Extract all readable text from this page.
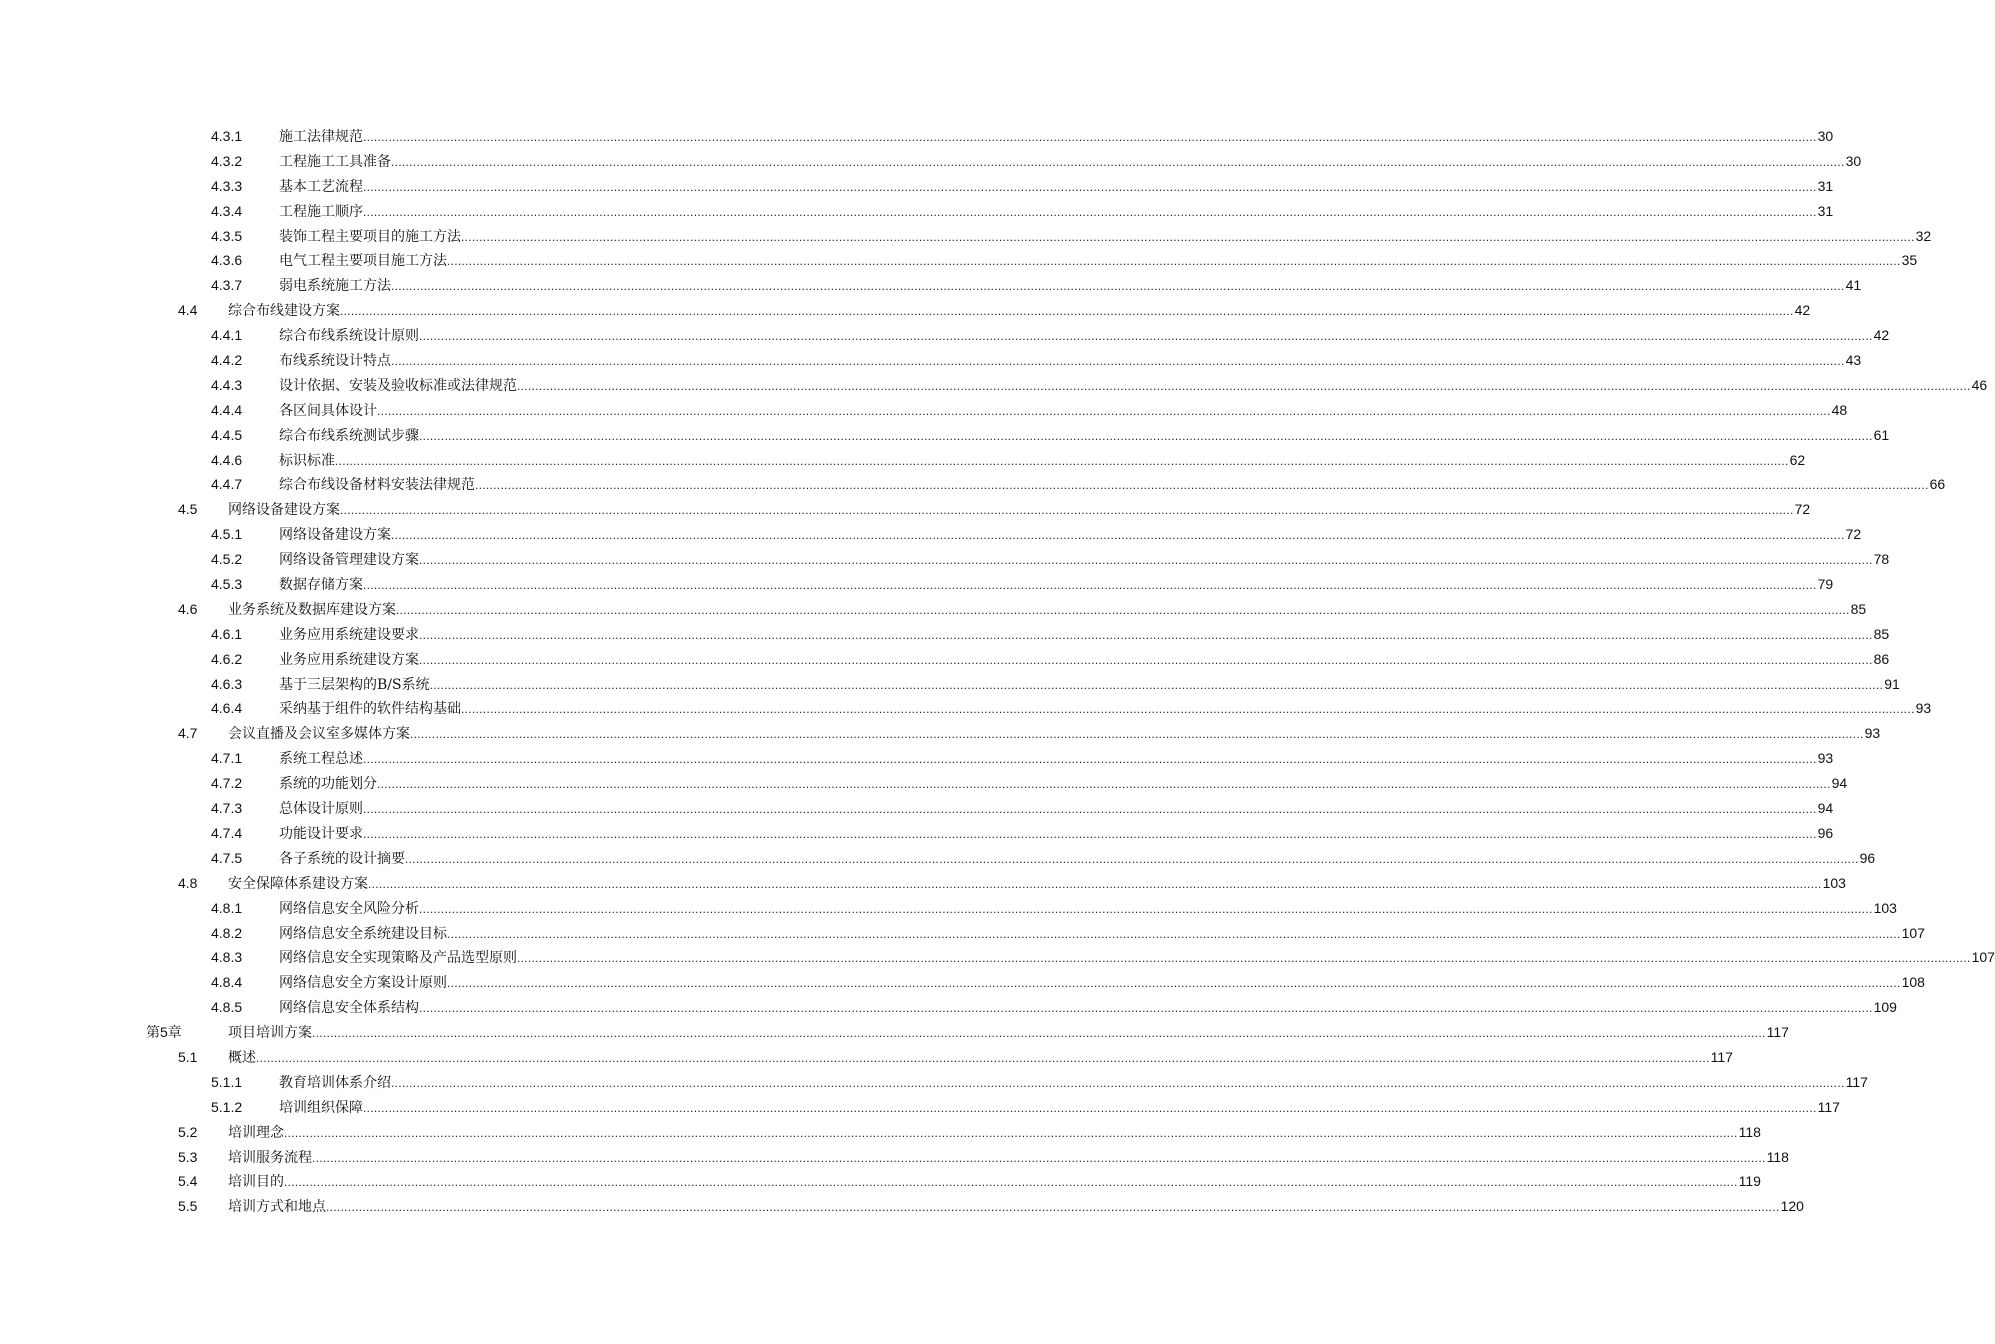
4.3.1	施工法律规范 ................................................................................................................................................................................................................................................................................................................................................................................................................ 30
4.3.2	工程施工工具准备 ................................................................................................................................................................................................................................................................................................................................................................................................................ 30
4.3.3	基本工艺流程 ................................................................................................................................................................................................................................................................................................................................................................................................................ 31
4.3.4	工程施工顺序 ................................................................................................................................................................................................................................................................................................................................................................................................................ 31
4.3.5	装饰工程主要项目的施工方法 ................................................................................................................................................................................................................................................................................................................................................................................................................ 32
4.3.6	电气工程主要项目施工方法 ................................................................................................................................................................................................................................................................................................................................................................................................................ 35
4.3.7	弱电系统施工方法 ................................................................................................................................................................................................................................................................................................................................................................................................................ 41
4.4 综合布线建设方案 ................................................................................................................................................................................................................................................................................................................................................................................................................ 42
4.4.1	综合布线系统设计原则 ................................................................................................................................................................................................................................................................................................................................................................................................................ 42
4.4.2	布线系统设计特点 ................................................................................................................................................................................................................................................................................................................................................................................................................ 43
4.4.3	设计依据、安装及验收标准或法律规范 ................................................................................................................................................................................................................................................................................................................................................................................................................ 46
4.4.4	各区间具体设计 ................................................................................................................................................................................................................................................................................................................................................................................................................ 48
4.4.5	综合布线系统测试步骤 ................................................................................................................................................................................................................................................................................................................................................................................................................ 61
4.4.6	标识标准 ................................................................................................................................................................................................................................................................................................................................................................................................................ 62
4.4.7	综合布线设备材料安装法律规范 ................................................................................................................................................................................................................................................................................................................................................................................................................ 66
4.5 网络设备建设方案 ................................................................................................................................................................................................................................................................................................................................................................................................................ 72
4.5.1	网络设备建设方案 ................................................................................................................................................................................................................................................................................................................................................................................................................ 72
4.5.2	网络设备管理建设方案 ................................................................................................................................................................................................................................................................................................................................................................................................................ 78
4.5.3	数据存储方案 ................................................................................................................................................................................................................................................................................................................................................................................................................ 79
4.6 业务系统及数据库建设方案 ................................................................................................................................................................................................................................................................................................................................................................................................................ 85
4.6.1	业务应用系统建设要求 ................................................................................................................................................................................................................................................................................................................................................................................................................ 85
4.6.2	业务应用系统建设方案 ................................................................................................................................................................................................................................................................................................................................................................................................................ 86
4.6.3	基于三层架构的B/S系统 ................................................................................................................................................................................................................................................................................................................................................................................................................ 91
4.6.4	采纳基于组件的软件结构基础 ................................................................................................................................................................................................................................................................................................................................................................................................................ 93
4.7 会议直播及会议室多媒体方案 ................................................................................................................................................................................................................................................................................................................................................................................................................ 93
4.7.1	系统工程总述 ................................................................................................................................................................................................................................................................................................................................................................................................................ 93
4.7.2	系统的功能划分 ................................................................................................................................................................................................................................................................................................................................................................................................................ 94
4.7.3	总体设计原则 ................................................................................................................................................................................................................................................................................................................................................................................................................ 94
4.7.4	功能设计要求 ................................................................................................................................................................................................................................................................................................................................................................................................................ 96
4.7.5	各子系统的设计摘要 ................................................................................................................................................................................................................................................................................................................................................................................................................ 96
4.8 安全保障体系建设方案 ................................................................................................................................................................................................................................................................................................................................................................................................................ 103
4.8.1	网络信息安全风险分析 ................................................................................................................................................................................................................................................................................................................................................................................................................ 103
4.8.2	网络信息安全系统建设目标 ................................................................................................................................................................................................................................................................................................................................................................................................................ 107
4.8.3	网络信息安全实现策略及产品选型原则 ................................................................................................................................................................................................................................................................................................................................................................................................................ 107
4.8.4	网络信息安全方案设计原则 ................................................................................................................................................................................................................................................................................................................................................................................................................ 108
4.8.5	网络信息安全体系结构 ................................................................................................................................................................................................................................................................................................................................................................................................................ 109
第5章	项目培训方案 ................................................................................................................................................................................................................................................................................................................................................................................................................ 117
5.1 概述 ................................................................................................................................................................................................................................................................................................................................................................................................................ 117
5.1.1	教育培训体系介绍 ................................................................................................................................................................................................................................................................................................................................................................................................................ 117
5.1.2	培训组织保障 ................................................................................................................................................................................................................................................................................................................................................................................................................ 117
5.2 培训理念 ................................................................................................................................................................................................................................................................................................................................................................................................................ 118
5.3 培训服务流程 ................................................................................................................................................................................................................................................................................................................................................................................................................ 118
5.4 培训目的 ................................................................................................................................................................................................................................................................................................................................................................................................................ 119
5.5 培训方式和地点 ................................................................................................................................................................................................................................................................................................................................................................................................................ 120
